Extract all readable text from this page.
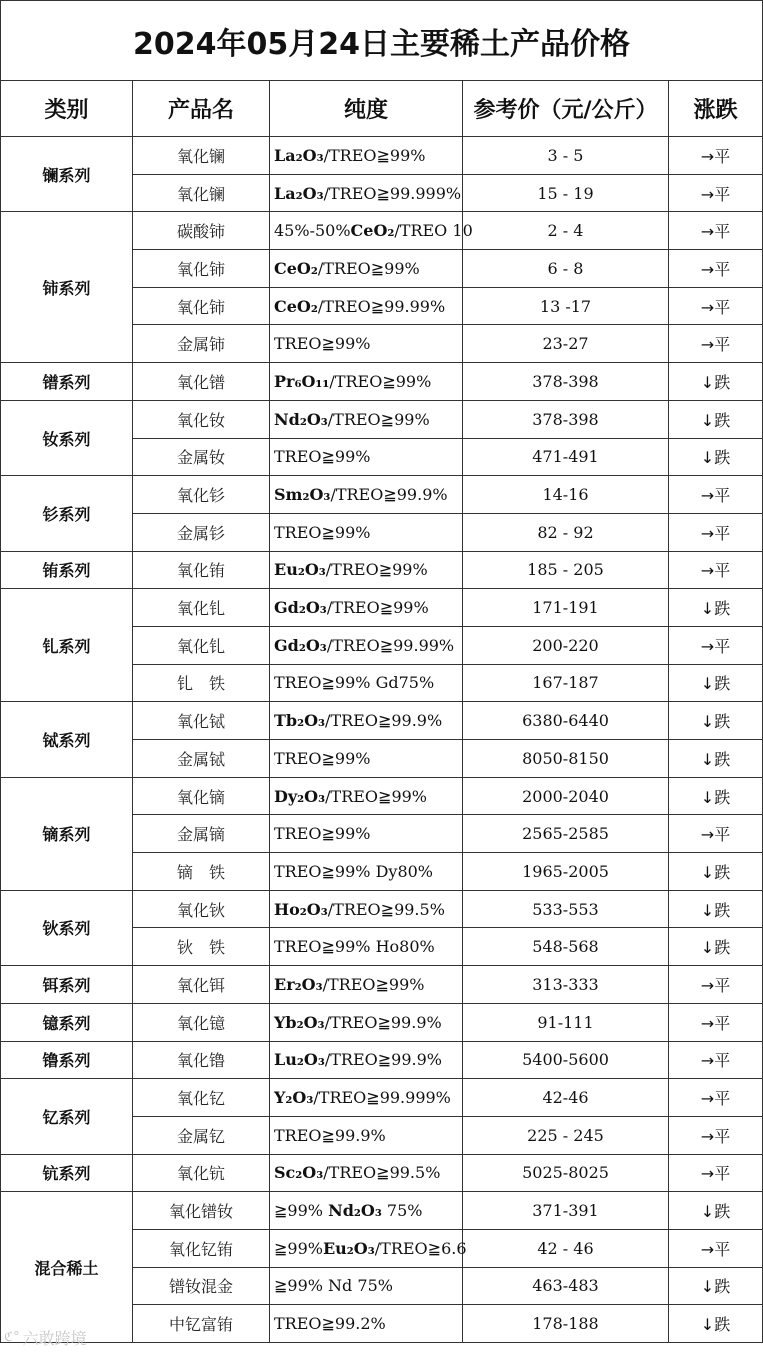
2024年05月24日主要稀土产品价格				
类别	产品名	纯度	参考价（元/公斤）	涨跌
镧系列	氧化镧	La₂O₃/TREO≧99%	3 - 5	→平
	氧化镧	La₂O₃/TREO≧99.999%	15 - 19	→平
铈系列	碳酸铈	45%-50%CeO₂/TREO 10	2 - 4	→平
	氧化铈	CeO₂/TREO≧99%	6 - 8	→平
	氧化铈	CeO₂/TREO≧99.99%	13 -17	→平
	金属铈	TREO≧99%	23-27	→平
镨系列	氧化镨	Pr₆O₁₁/TREO≧99%	378-398	↓跌
钕系列	氧化钕	Nd₂O₃/TREO≧99%	378-398	↓跌
	金属钕	TREO≧99%	471-491	↓跌
钐系列	氧化钐	Sm₂O₃/TREO≧99.9%	14-16	→平
	金属钐	TREO≧99%	82 - 92	→平
铕系列	氧化铕	Eu₂O₃/TREO≧99%	185 - 205	→平
钆系列	氧化钆	Gd₂O₃/TREO≧99%	171-191	↓跌
	氧化钆	Gd₂O₃/TREO≧99.99%	200-220	→平
	钆　铁	TREO≧99% Gd75%	167-187	↓跌
铽系列	氧化铽	Tb₂O₃/TREO≧99.9%	6380-6440	↓跌
	金属铽	TREO≧99%	8050-8150	↓跌
镝系列	氧化镝	Dy₂O₃/TREO≧99%	2000-2040	↓跌
	金属镝	TREO≧99%	2565-2585	→平
	镝　铁	TREO≧99% Dy80%	1965-2005	↓跌
钬系列	氧化钬	Ho₂O₃/TREO≧99.5%	533-553	↓跌
	钬　铁	TREO≧99% Ho80%	548-568	↓跌
铒系列	氧化铒	Er₂O₃/TREO≧99%	313-333	→平
镱系列	氧化镱	Yb₂O₃/TREO≧99.9%	91-111	→平
镥系列	氧化镥	Lu₂O₃/TREO≧99.9%	5400-5600	→平
钇系列	氧化钇	Y₂O₃/TREO≧99.999%	42-46	→平
	金属钇	TREO≧99.9%	225 - 245	→平
钪系列	氧化钪	Sc₂O₃/TREO≧99.5%	5025-8025	→平
混合稀土	氧化镨钕	≧99% Nd₂O₃ 75%	371-391	↓跌
	氧化钇铕	≧99%Eu₂O₃/TREO≧6.6	42 - 46	→平
	镨钕混金	≧99% Nd 75%	463-483	↓跌
	中钇富铕	TREO≧99.2%	178-188	↓跌
ℭ° 六敢跨境
